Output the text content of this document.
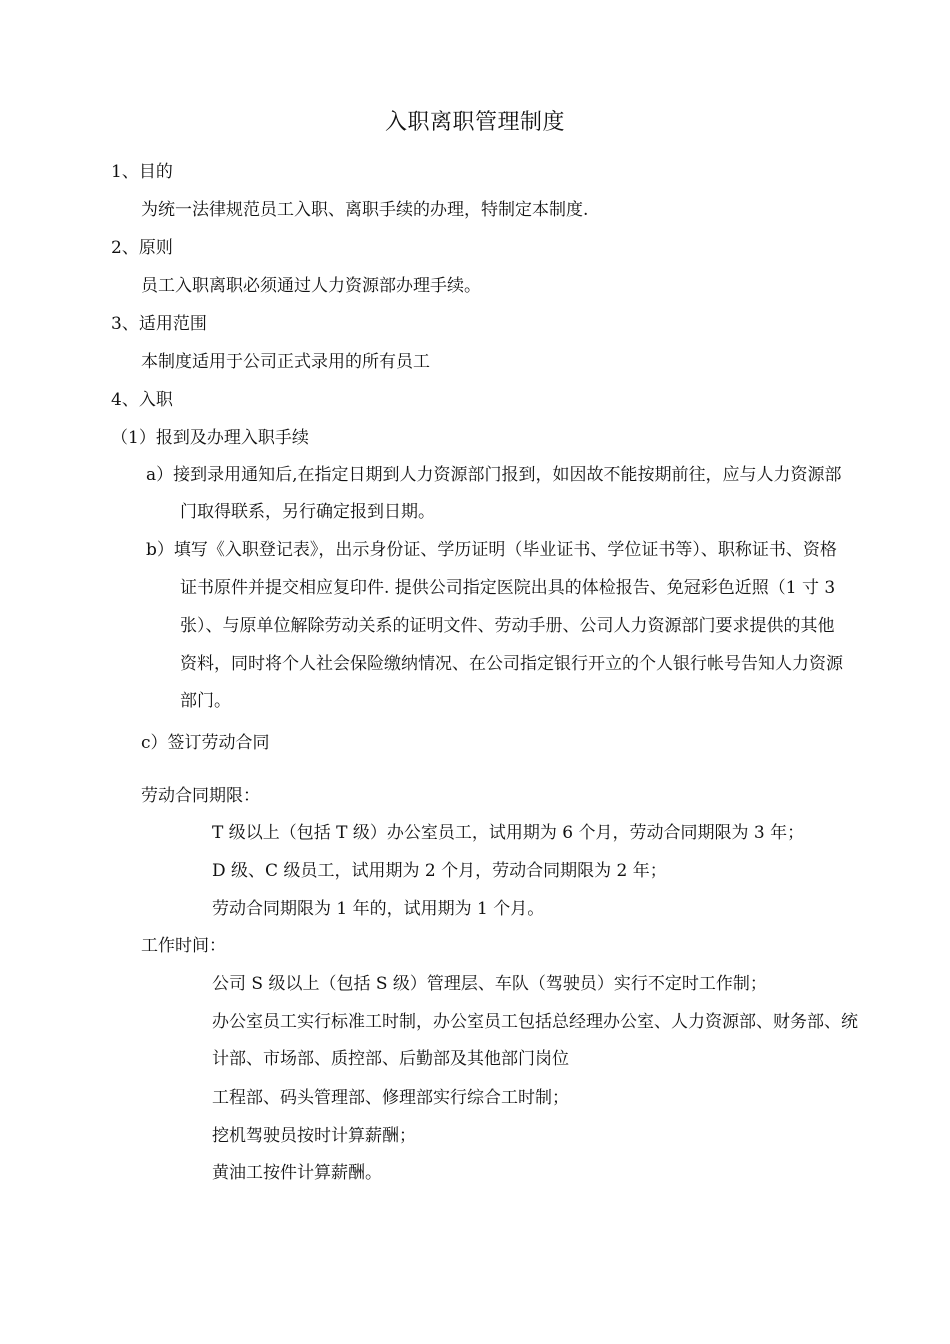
入职离职管理制度
1、目的
为统一法律规范员工入职、离职手续的办理，特制定本制度.
2、原则
员工入职离职必须通过人力资源部办理手续。
3、适用范围
本制度适用于公司正式录用的所有员工
4、入职
（1）报到及办理入职手续
a）接到录用通知后,在指定日期到人力资源部门报到，如因故不能按期前往，应与人力资源部
门取得联系，另行确定报到日期。
b）填写《入职登记表》，出示身份证、学历证明（毕业证书、学位证书等）、职称证书、资格
证书原件并提交相应复印件. 提供公司指定医院出具的体检报告、免冠彩色近照（1 寸 3
张）、与原单位解除劳动关系的证明文件、劳动手册、公司人力资源部门要求提供的其他
资料，同时将个人社会保险缴纳情况、在公司指定银行开立的个人银行帐号告知人力资源
部门。
c）签订劳动合同
劳动合同期限：
T 级以上（包括 T 级）办公室员工，试用期为 6 个月，劳动合同期限为 3 年；
D 级、C 级员工，试用期为 2 个月，劳动合同期限为 2 年；
劳动合同期限为 1 年的，试用期为 1 个月。
工作时间：
公司 S 级以上（包括 S 级）管理层、车队（驾驶员）实行不定时工作制；
办公室员工实行标准工时制，办公室员工包括总经理办公室、人力资源部、财务部、统
计部、市场部、质控部、后勤部及其他部门岗位
工程部、码头管理部、修理部实行综合工时制；
挖机驾驶员按时计算薪酬；
黄油工按件计算薪酬。
